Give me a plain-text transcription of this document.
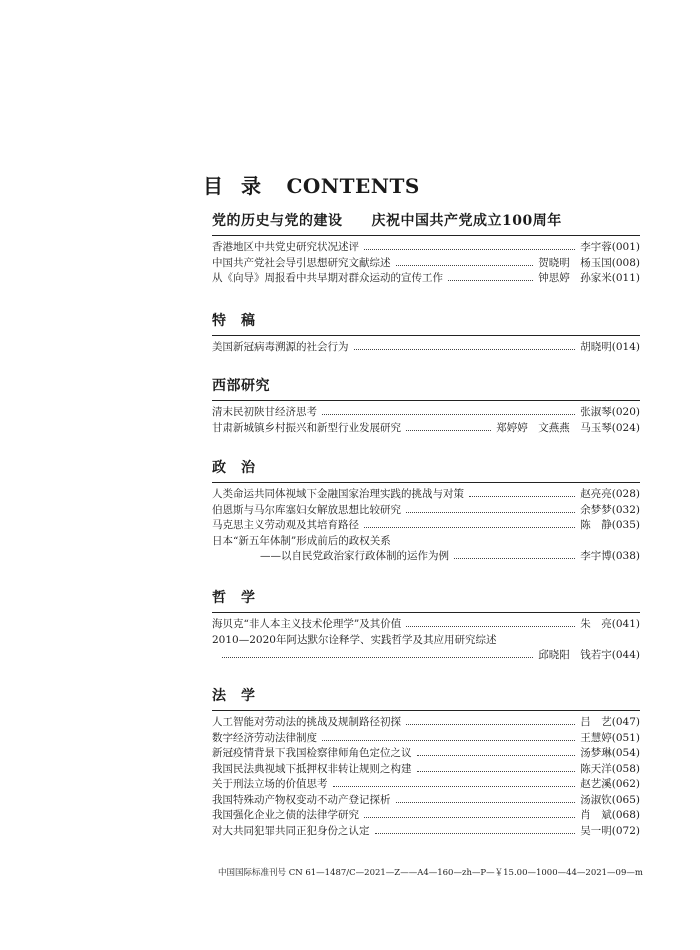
目录 CONTENTS
党的历史与党的建设　　庆祝中国共产党成立100周年
香港地区中共党史研究状况述评	李宇蓉(001)
中国共产党社会导引思想研究文献综述	贺晓明　杨玉国(008)
从《向导》周报看中共早期对群众运动的宣传工作	钟思婷　孙家米(011)
特　稿
美国新冠病毒溯源的社会行为	胡晓明(014)
西部研究
清末民初陕甘经济思考	张淑琴(020)
甘肃新城镇乡村振兴和新型行业发展研究	郑婷婷　文燕燕　马玉琴(024)
政　治
人类命运共同体视域下金融国家治理实践的挑战与对策	赵亮亮(028)
伯恩斯与马尔库塞妇女解放思想比较研究	余梦梦(032)
马克思主义劳动观及其培育路径	陈　静(035)
日本“新五年体制”形成前后的政权关系
——以自民党政治家行政体制的运作为例	李宇博(038)
哲　学
海贝克“非人本主义技术伦理学”及其价值	朱　亮(041)
2010—2020年阿达默尔诠释学、实践哲学及其应用研究综述
邱晓阳　钱若宇(044)
法　学
人工智能对劳动法的挑战及规制路径初探	吕　艺(047)
数字经济劳动法律制度	王慧婷(051)
新冠疫情背景下我国检察律师角色定位之议	汤梦琳(054)
我国民法典视域下抵押权非转让规则之构建	陈天洋(058)
关于刑法立场的价值思考	赵艺溪(062)
我国特殊动产物权变动不动产登记探析	汤淑钦(065)
我国强化企业之债的法律学研究	肖　斌(068)
对大共同犯罪共同正犯身份之认定	吴一明(072)
中国国际标准刊号 CN 61—1487/C—2021—Z——A4—160—zh—P—￥15.00—1000—44—2021—09—m
